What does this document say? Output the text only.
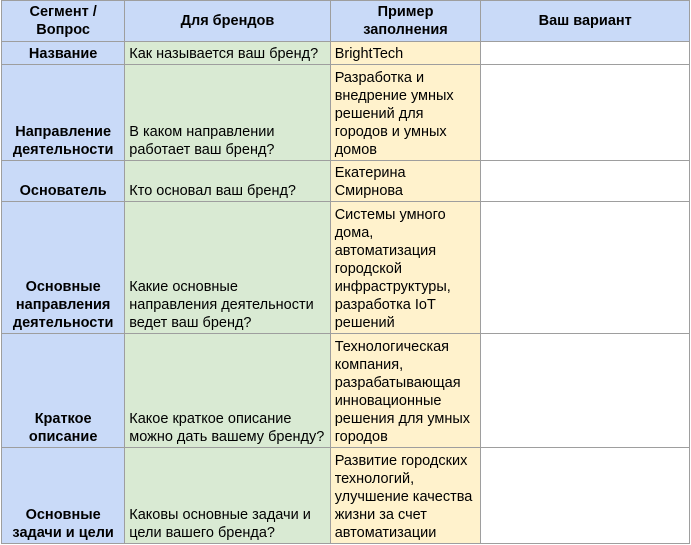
Сегмент / Вопрос	Для брендов	Пример заполнения	Ваш вариант
Название	Как называется ваш бренд?	BrightTech	
Направление деятельности	В каком направлении работает ваш бренд?	Разработка и внедрение умных решений для городов и умных домов	
Основатель	Кто основал ваш бренд?	Екатерина Смирнова	
Основные направления деятельности	Какие основные направления деятельности ведет ваш бренд?	Системы умного дома, автоматизация городской инфраструктуры, разработка IoT решений	
Краткое описание	Какое краткое описание можно дать вашему бренду?	Технологическая компания, разрабатывающая инновационные решения для умных городов	
Основные задачи и цели	Каковы основные задачи и цели вашего бренда?	Развитие городских технологий, улучшение качества жизни за счет автоматизации	
